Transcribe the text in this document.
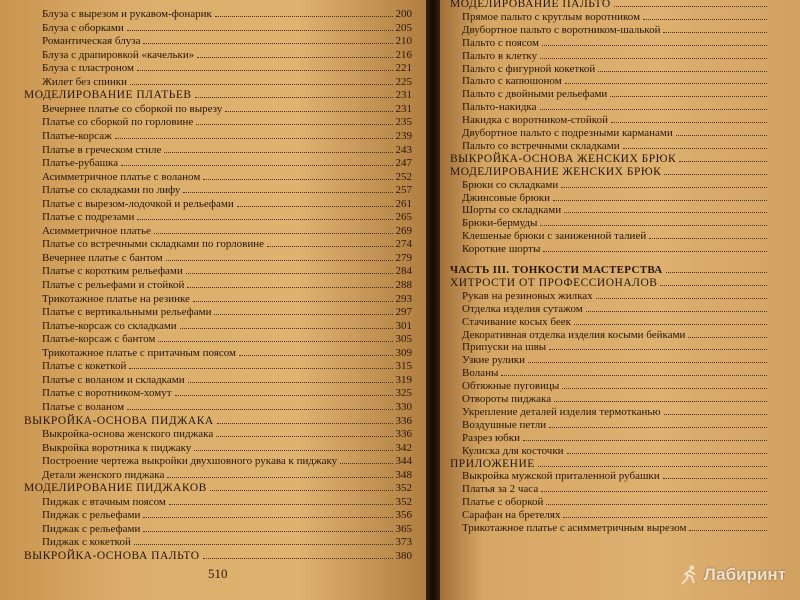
Блуза с вырезом и рукавом-фонарик	200
Блуза с оборками	205
Романтическая блуза	210
Блуза с драпировкой «качельки»	216
Блуза с пластроном	221
Жилет без спинки	225
МОДЕЛИРОВАНИЕ ПЛАТЬЕВ	231
Вечернее платье со сборкой по вырезу	231
Платье со сборкой по горловине	235
Платье-корсаж	239
Платье в греческом стиле	243
Платье-рубашка	247
Асимметричное платье с воланом	252
Платье со складками по лифу	257
Платье с вырезом-лодочкой и рельефами	261
Платье с подрезами	265
Асимметричное платье	269
Платье со встречными складками по горловине	274
Вечернее платье с бантом	279
Платье с коротким рельефами	284
Платье с рельефами и стойкой	288
Трикотажное платье на резинке	293
Платье с вертикальными рельефами	297
Платье-корсаж со складками	301
Платье-корсаж с бантом	305
Трикотажное платье с притачным поясом	309
Платье с кокеткой	315
Платье с воланом и складками	319
Платье с воротником-хомут	325
Платье с воланом	330
ВЫКРОЙКА-ОСНОВА ПИДЖАКА	336
Выкройка-основа женского пиджака	336
Выкройка воротника к пиджаку	342
Построение чертежа выкройки двухшовного рукава к пиджаку	344
Детали женского пиджака	348
МОДЕЛИРОВАНИЕ ПИДЖАКОВ	352
Пиджак с втачным поясом	352
Пиджак с рельефами	356
Пиджак с рельефами	365
Пиджак с кокеткой	373
ВЫКРОЙКА-ОСНОВА ПАЛЬТО	380
510
МОДЕЛИРОВАНИЕ ПАЛЬТО
Прямое пальто с круглым воротником
Двубортное пальто с воротником-шалькой
Пальто с поясом
Пальто в клетку
Пальто с фигурной кокеткой
Пальто с капюшоном
Пальто с двойными рельефами
Пальто-накидка
Накидка с воротником-стойкой
Двубортное пальто с подрезными карманами
Пальто со встречными складками
ВЫКРОЙКА-ОСНОВА ЖЕНСКИХ БРЮК
МОДЕЛИРОВАНИЕ ЖЕНСКИХ БРЮК
Брюки со складками
Джинсовые брюки
Шорты со складками
Брюки-бермуды
Клешеные брюки с заниженной талией
Короткие шорты
ЧАСТЬ III. ТОНКОСТИ МАСТЕРСТВА
ХИТРОСТИ ОТ ПРОФЕССИОНАЛОВ
Рукав на резиновых жилках
Отделка изделия сутажом
Стачивание косых беек
Декоративная отделка изделия косыми бейками
Припуски на швы
Узкие рулики
Воланы
Обтяжные пуговицы
Отвороты пиджака
Укрепление деталей изделия термотканью
Воздушные петли
Разрез юбки
Кулиска для косточки
ПРИЛОЖЕНИЕ
Выкройка мужской приталенной рубашки
Платья за 2 часа
Платье с оборкой
Сарафан на бретелях
Трикотажное платье с асимметричным вырезом
Лабиринт
